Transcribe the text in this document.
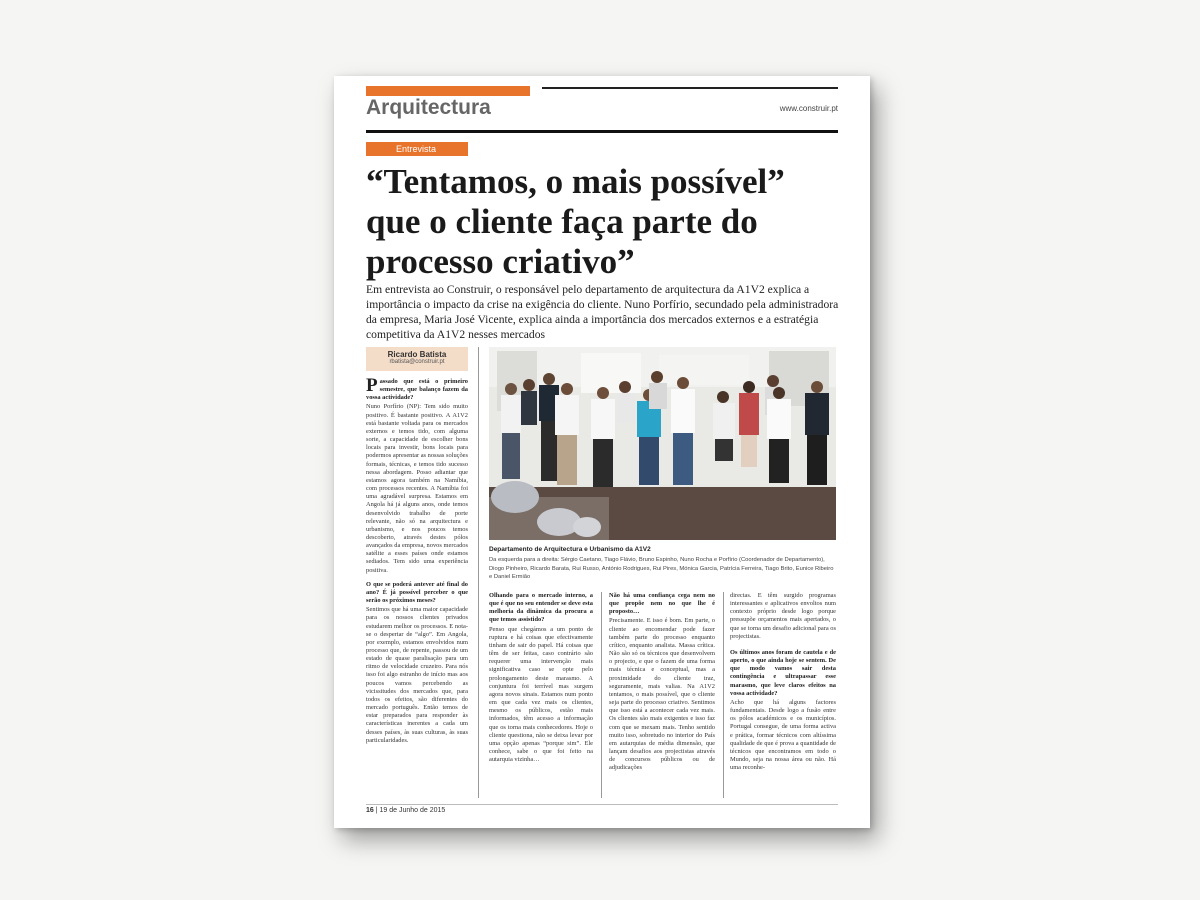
Arquitectura	www.construir.pt
Entrevista
“Tentamos, o mais possível” que o cliente faça parte do processo criativo”

Em entrevista ao Construir, o responsável pelo departamento de arquitectura da A1V2 explica a importância o impacto da crise na exigência do cliente. Nuno Porfírio, secundado pela administradora da empresa, Maria José Vicente, explica ainda a importância dos mercados externos e a estratégia competitiva da A1V2 nesses mercados

Ricardo Batista
rbatista@construir.pt
P assado que está o primeiro semestre, que balanço fazem da vossa actividade?

Nuno Porfírio (NP): Tem sido muito positivo. É bastante positivo. A A1V2 está bastante voltada para os mercados externos e temos tido, com alguma sorte, a capacidade de escolher bons locais para investir, bons locais para podermos apresentar as nossas soluções formais, técnicas, e temos tido sucesso nessa abordagem. Posso adiantar que estamos agora também na Namíbia, com processos recentes. A Namíbia foi uma agradável surpresa. Estamos em Angola há já alguns anos, onde temos desenvolvido trabalho de porte relevante, não só na arquitectura e urbanismo, e nos poucos temos descoberto, através destes pólos avançados da empresa, novos mercados satélite a esses países onde estamos sediados. Tem sido uma experiência positiva.

O que se poderá antever até final do ano? É já possível perceber o que serão os próximos meses?

Sentimos que há uma maior capacidade para os nossos clientes privados estudarem melhor os processos. E nota-se o despertar de “algo”. Em Angola, por exemplo, estamos envolvidos num processo que, de repente, passou de um estado de quase paralisação para um ritmo de velocidade cruzeiro. Para nós isso foi algo estranho de início mas aos poucos vamos percebendo as vicissitudes dos mercados que, para todos os efeitos, são diferentes do mercado português. Então temos de estar preparados para responder às características inerentes a cada um desses países, às suas culturas, às suas particularidades.

Departamento de Arquitectura e Urbanismo da A1V2
Da esquerda para a direita: Sérgio Caetano, Tiago Flávio, Bruno Espinho, Nuno Rocha e Porfírio (Coordenador de Departamento), Diogo Pinheiro, Ricardo Barata, Rui Russo, António Rodrigues, Rui Pires, Mónica Garcia, Patrícia Ferreira, Tiago Brito, Eunice Ribeiro e Daniel Ermião
Olhando para o mercado interno, a que é que no seu entender se deve esta melhoria da dinâmica da procura a que temos assistido?

Penso que chegámos a um ponto de ruptura e há coisas que efectivamente tinham de sair do papel. Há coisas que têm de ser feitas, caso contrário são requerer uma intervenção mais significativa caso se opte pelo prolongamento deste marasmo. A conjuntura foi terrível mas surgem agora novos sinais. Estamos num ponto em que cada vez mais os clientes, mesmo os públicos, estão mais informados, têm acesso a informação que os torna mais conhecedores. Hoje o cliente questiona, não se deixa levar por uma opção apenas “porque sim”. Ele conhece, sabe o que foi feito na autarquia vizinha…

Não há uma confiança cega nem no que propõe nem no que lhe é proposto…

Precisamente. E isso é bom. Em parte, o cliente ao encomendar pode fazer também parte do processo enquanto crítico, enquanto analista. Massa crítica. Não são só os técnicos que desenvolvem o projecto, e que o fazem de uma forma mais técnica e conceptual, mas a proximidade do cliente traz, seguramente, mais valias. Na A1V2 tentamos, o mais possível, que o cliente seja parte do processo criativo. Sentimos que isso está a acontecer cada vez mais. Os clientes são mais exigentes e isso faz com que se mexam mais. Tenho sentido muito isso, sobretudo no interior do País em autarquias de média dimensão, que lançam desafios aos projectistas através de concursos públicos ou de adjudicações

directas. E têm surgido programas interessantes e aplicativos envoltos num contexto próprio desde logo porque pressupõe orçamentos mais apertados, o que se torna um desafio adicional para os projectistas.

Os últimos anos foram de cautela e de aperto, o que ainda hoje se sentem. De que modo vamos sair desta contingência e ultrapassar esse marasmo, que leve claros efeitos na vossa actividade?

Acho que há alguns factores fundamentais. Desde logo a fusão entre os pólos académicos e os municípios. Portugal consegue, de uma forma activa e prática, formar técnicos com altíssima qualidade de que é prova a quantidade de técnicos que encontramos em todo o Mundo, seja na nossa área ou não. Há uma reconhe-

16 | 19 de Junho de 2015
